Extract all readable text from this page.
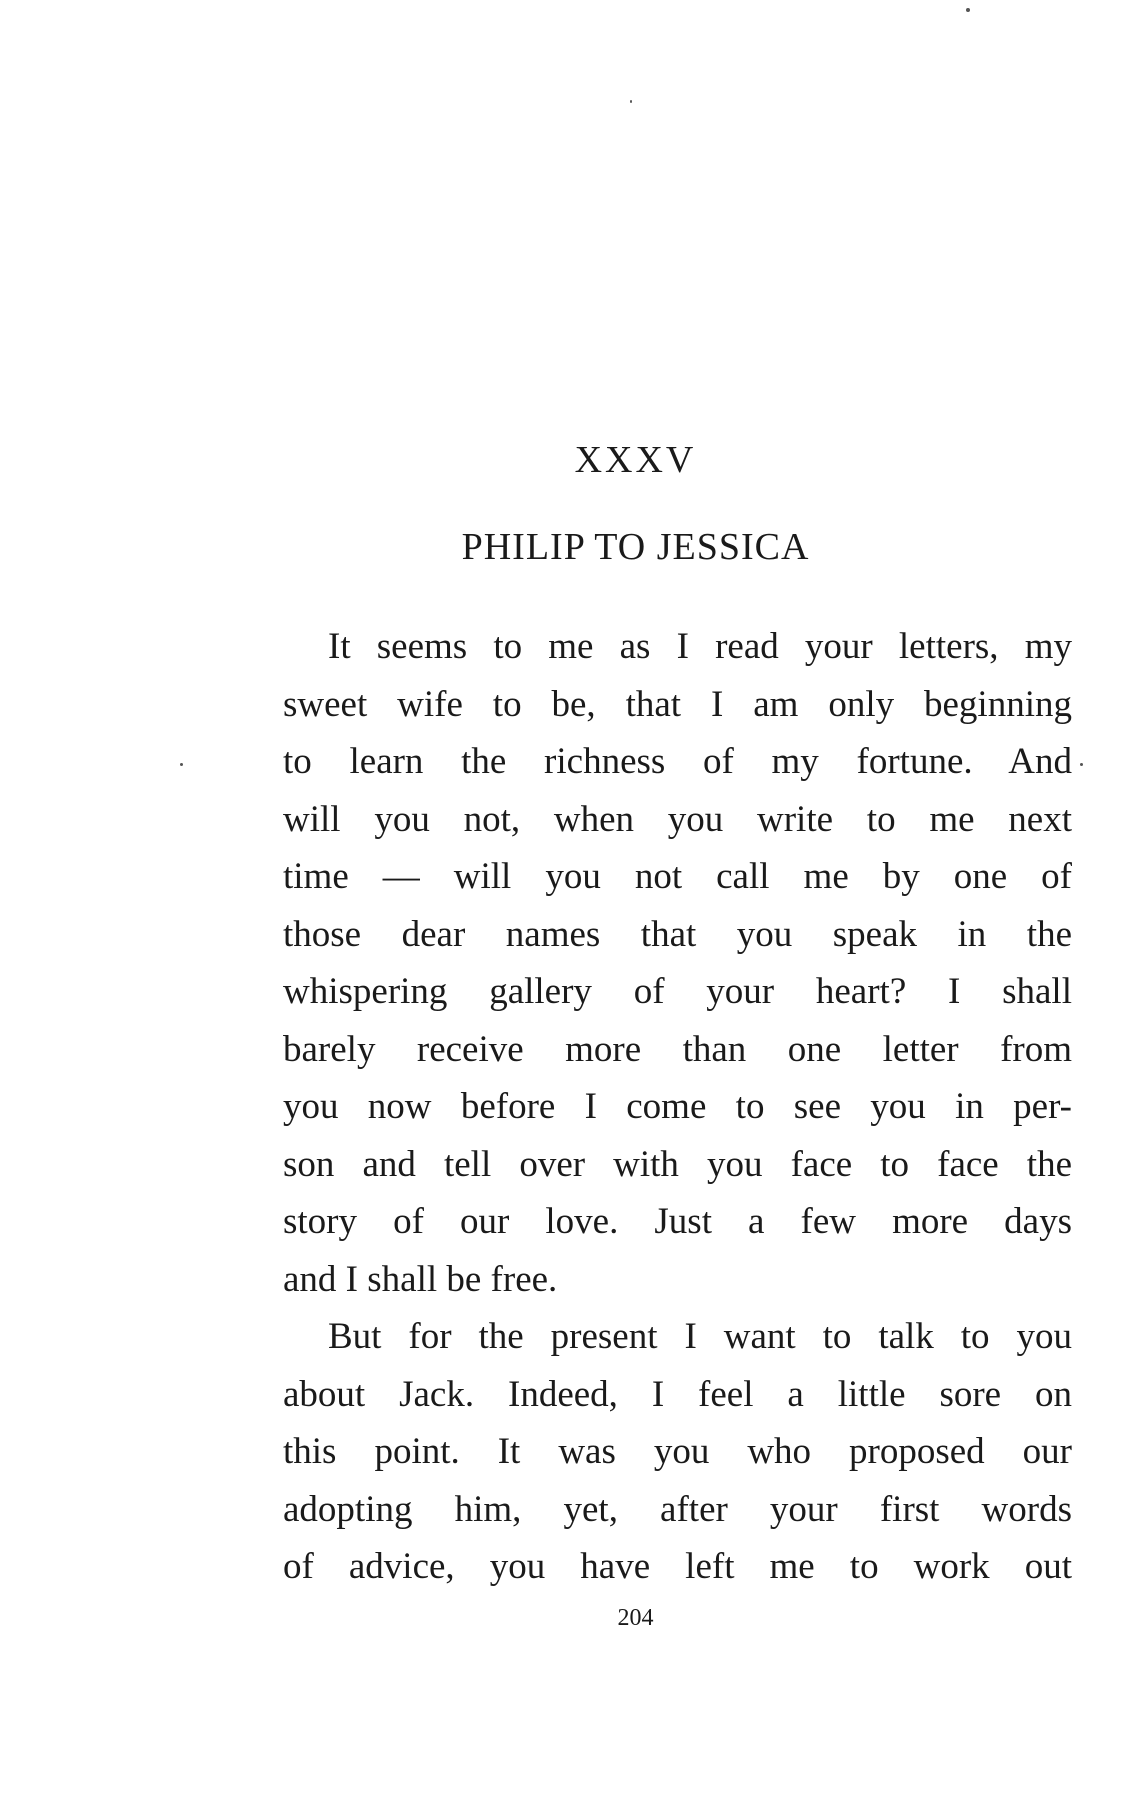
XXXV
PHILIP TO JESSICA
It seems to me as I read your letters, my
sweet wife to be, that I am only beginning
to learn the richness of my fortune. And
will you not, when you write to me next
time — will you not call me by one of
those dear names that you speak in the
whispering gallery of your heart? I shall
barely receive more than one letter from
you now before I come to see you in per-
son and tell over with you face to face the
story of our love. Just a few more days
and I shall be free.
But for the present I want to talk to you
about Jack. Indeed, I feel a little sore on
this point. It was you who proposed our
adopting him, yet, after your first words
of advice, you have left me to work out
204
